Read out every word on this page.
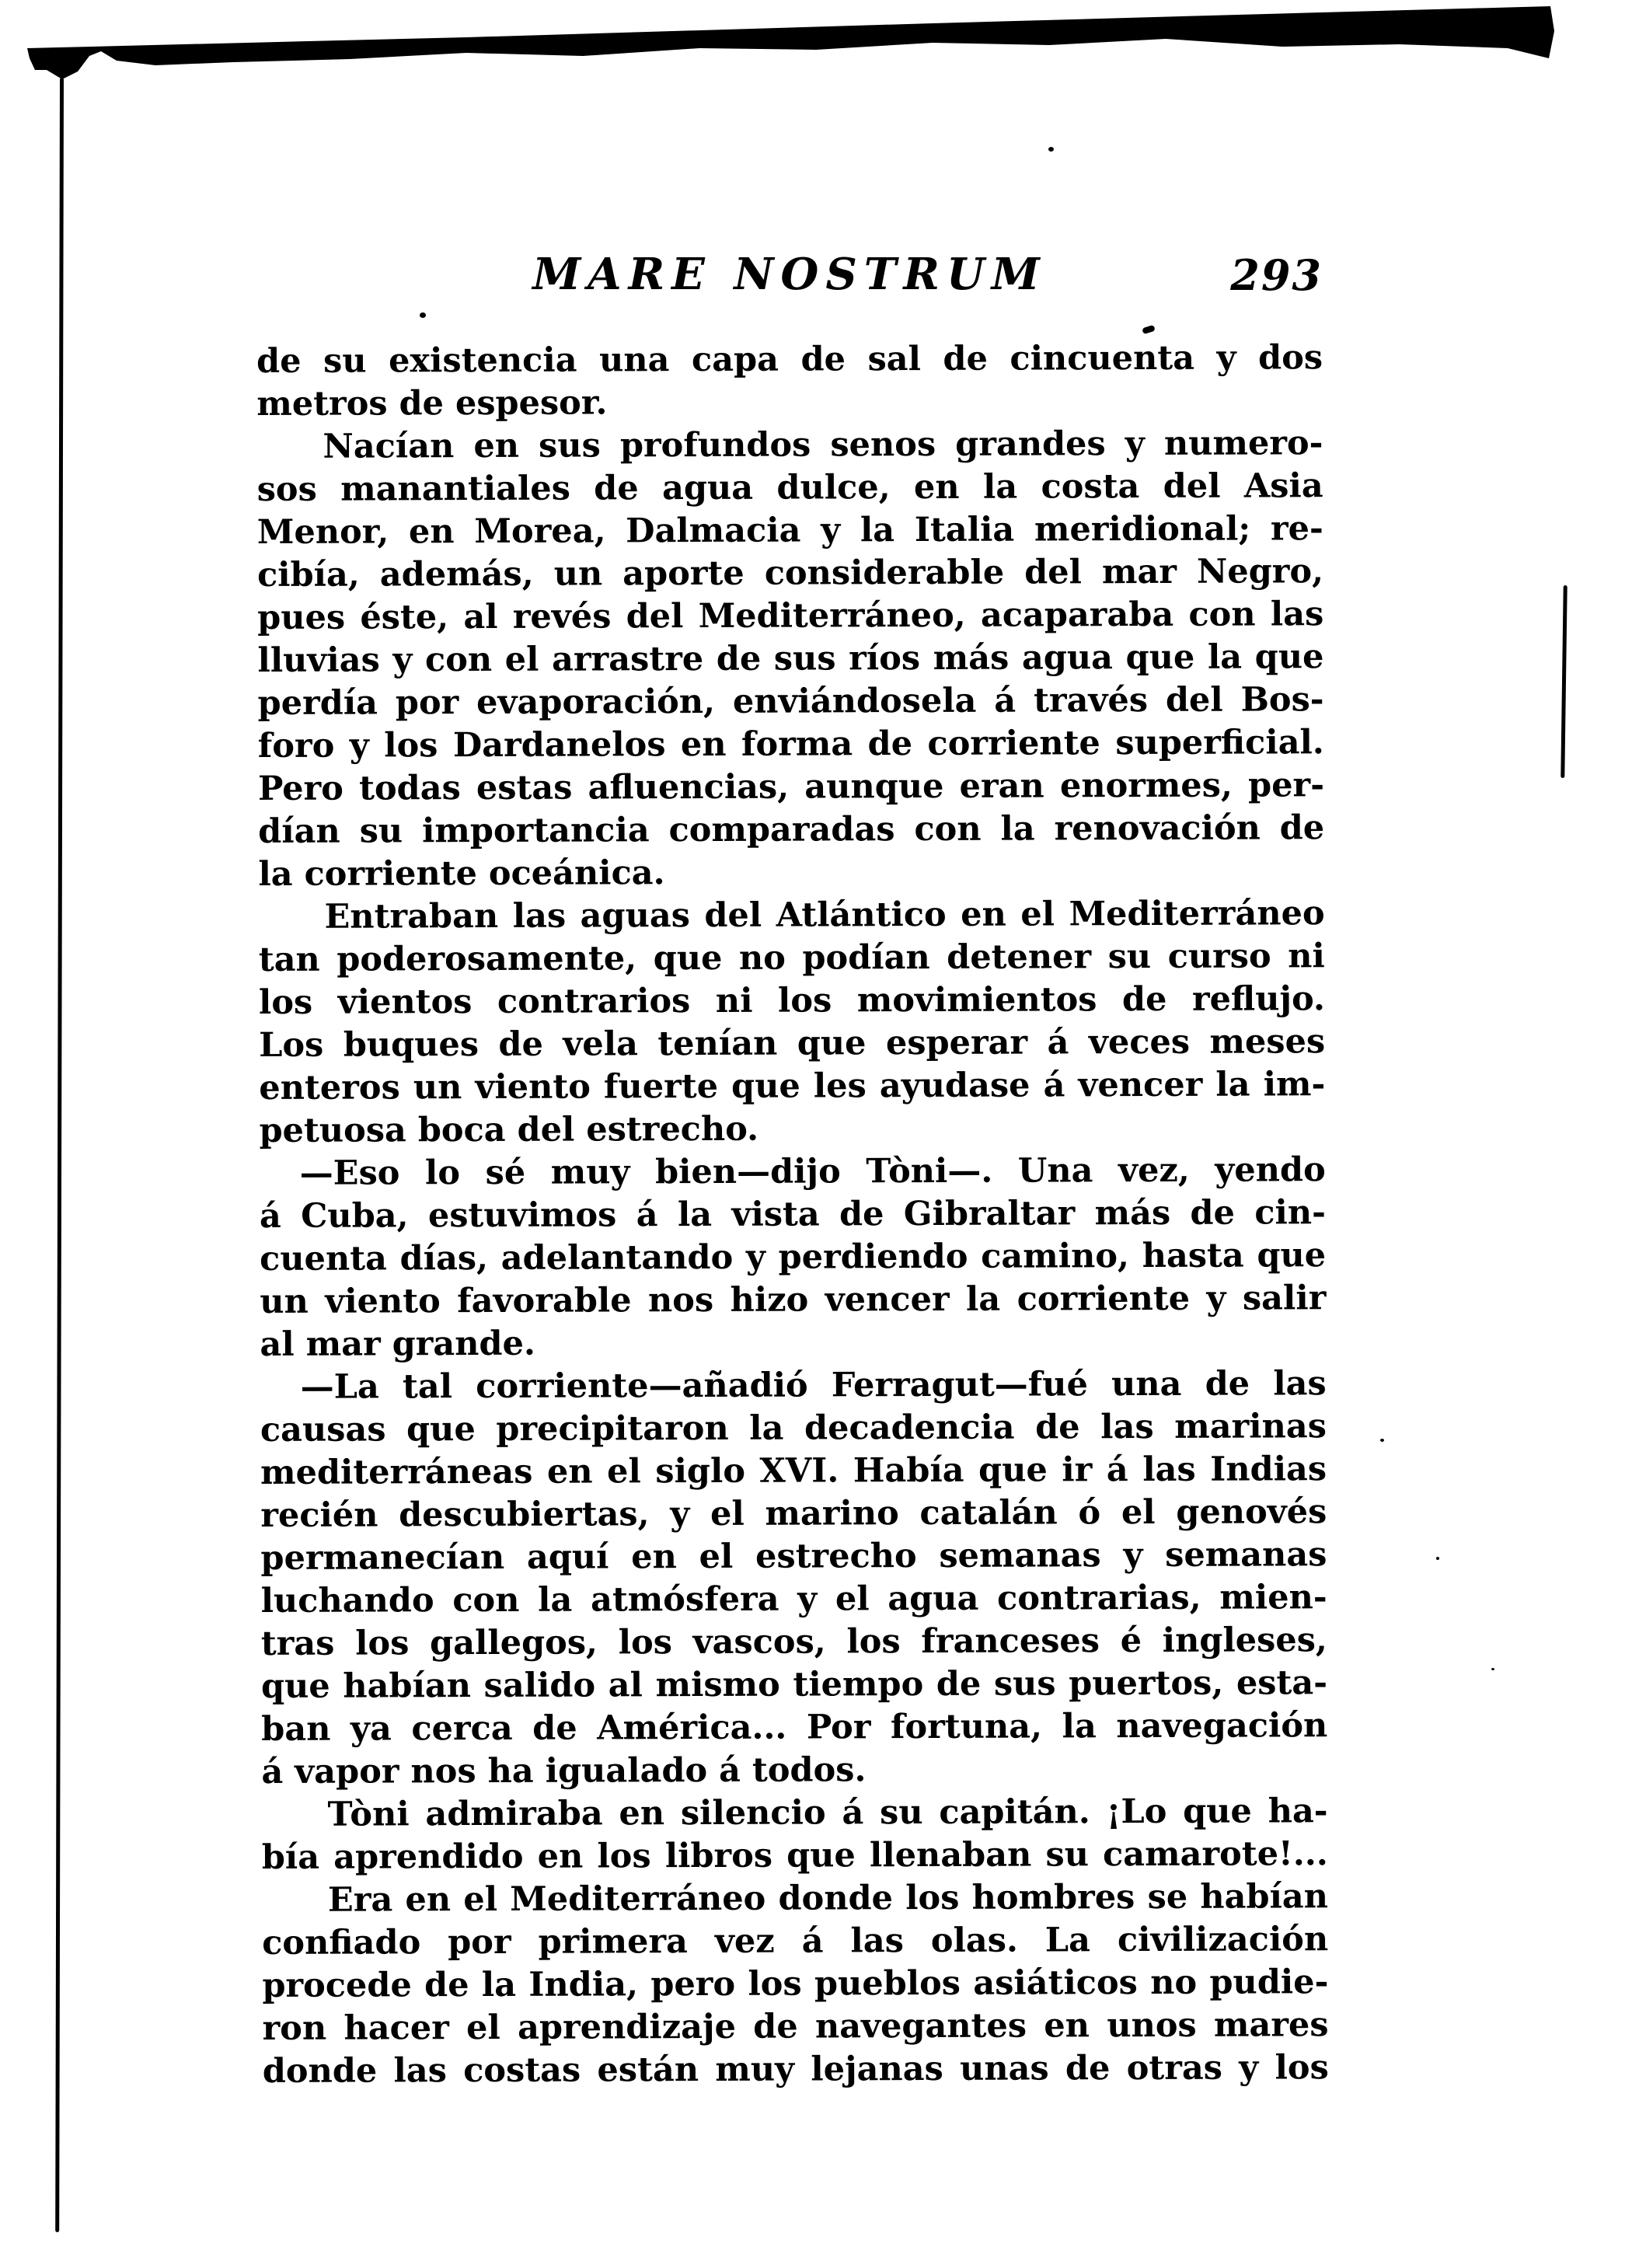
MARE NOSTRUM	293
de su existencia una capa de sal de cincuenta y dos
metros de espesor.
Nacían en sus profundos senos grandes y numero-
sos manantiales de agua dulce, en la costa del Asia
Menor, en Morea, Dalmacia y la Italia meridional; re-
cibía, además, un aporte considerable del mar Negro,
pues éste, al revés del Mediterráneo, acaparaba con las
lluvias y con el arrastre de sus ríos más agua que la que
perdía por evaporación, enviándosela á través del Bos-
foro y los Dardanelos en forma de corriente superficial.
Pero todas estas afluencias, aunque eran enormes, per-
dían su importancia comparadas con la renovación de
la corriente oceánica.
Entraban las aguas del Atlántico en el Mediterráneo
tan poderosamente, que no podían detener su curso ni
los vientos contrarios ni los movimientos de reflujo.
Los buques de vela tenían que esperar á veces meses
enteros un viento fuerte que les ayudase á vencer la im-
petuosa boca del estrecho.
—Eso lo sé muy bien—dijo Tòni—. Una vez, yendo
á Cuba, estuvimos á la vista de Gibraltar más de cin-
cuenta días, adelantando y perdiendo camino, hasta que
un viento favorable nos hizo vencer la corriente y salir
al mar grande.
—La tal corriente—añadió Ferragut—fué una de las
causas que precipitaron la decadencia de las marinas
mediterráneas en el siglo XVI. Había que ir á las Indias
recién descubiertas, y el marino catalán ó el genovés
permanecían aquí en el estrecho semanas y semanas
luchando con la atmósfera y el agua contrarias, mien-
tras los gallegos, los vascos, los franceses é ingleses,
que habían salido al mismo tiempo de sus puertos, esta-
ban ya cerca de América... Por fortuna, la navegación
á vapor nos ha igualado á todos.
Tòni admiraba en silencio á su capitán. ¡Lo que ha-
bía aprendido en los libros que llenaban su camarote!...
Era en el Mediterráneo donde los hombres se habían
confiado por primera vez á las olas. La civilización
procede de la India, pero los pueblos asiáticos no pudie-
ron hacer el aprendizaje de navegantes en unos mares
donde las costas están muy lejanas unas de otras y los
